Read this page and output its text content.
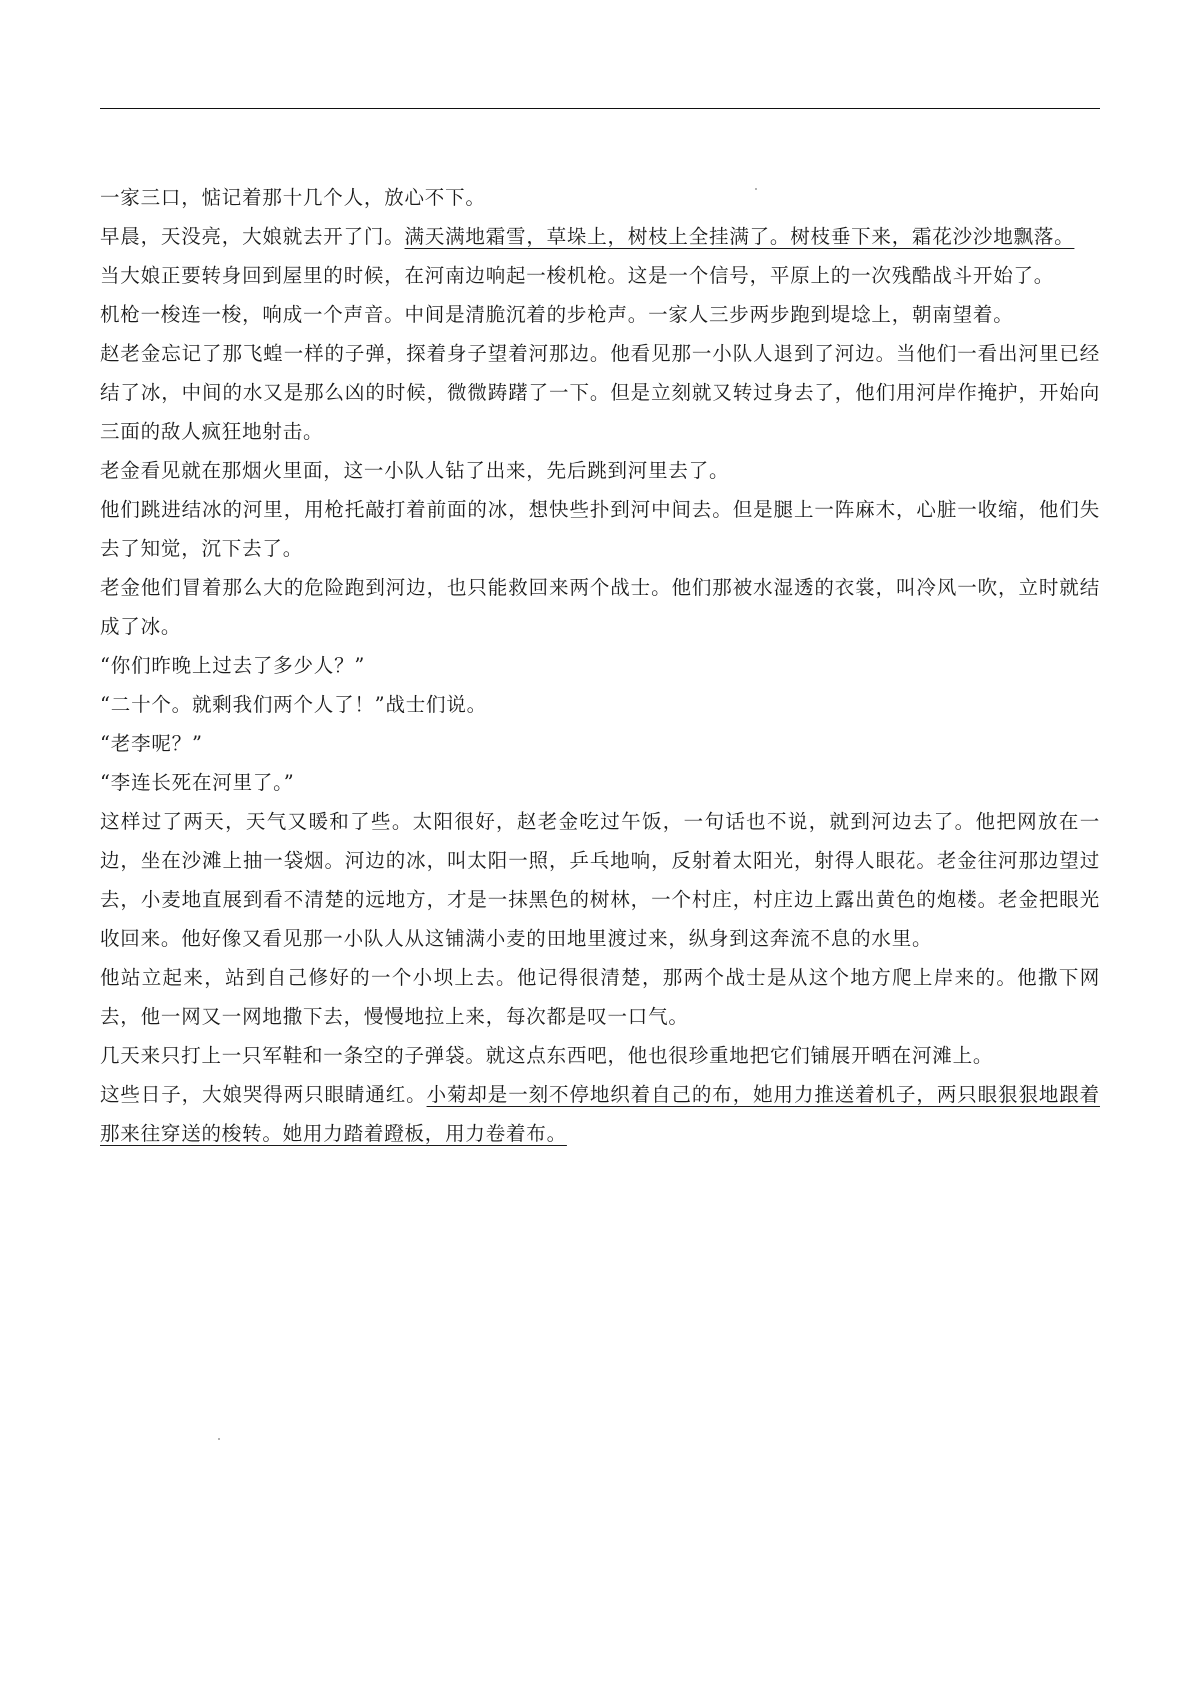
一家三口，惦记着那十几个人，放心不下。

早晨，天没亮，大娘就去开了门。满天满地霜雪，草垛上，树枝上全挂满了。树枝垂下来，霜花沙沙地飘落。

当大娘正要转身回到屋里的时候，在河南边响起一梭机枪。这是一个信号，平原上的一次残酷战斗开始了。

机枪一梭连一梭，响成一个声音。中间是清脆沉着的步枪声。一家人三步两步跑到堤埝上，朝南望着。

赵老金忘记了那飞蝗一样的子弹，探着身子望着河那边。他看见那一小队人退到了河边。当他们一看出河里已经结了冰，中间的水又是那么凶的时候，微微踌躇了一下。但是立刻就又转过身去了，他们用河岸作掩护，开始向三面的敌人疯狂地射击。

老金看见就在那烟火里面，这一小队人钻了出来，先后跳到河里去了。

他们跳进结冰的河里，用枪托敲打着前面的冰，想快些扑到河中间去。但是腿上一阵麻木，心脏一收缩，他们失去了知觉，沉下去了。

老金他们冒着那么大的危险跑到河边，也只能救回来两个战士。他们那被水湿透的衣裳，叫冷风一吹，立时就结成了冰。

“你们昨晚上过去了多少人？”

“二十个。就剩我们两个人了！”战士们说。

“老李呢？”

“李连长死在河里了。”

这样过了两天，天气又暖和了些。太阳很好，赵老金吃过午饭，一句话也不说，就到河边去了。他把网放在一边，坐在沙滩上抽一袋烟。河边的冰，叫太阳一照，乒乓地响，反射着太阳光，射得人眼花。老金往河那边望过去，小麦地直展到看不清楚的远地方，才是一抹黑色的树林，一个村庄，村庄边上露出黄色的炮楼。老金把眼光收回来。他好像又看见那一小队人从这铺满小麦的田地里渡过来，纵身到这奔流不息的水里。

他站立起来，站到自己修好的一个小坝上去。他记得很清楚，那两个战士是从这个地方爬上岸来的。他撒下网去，他一网又一网地撒下去，慢慢地拉上来，每次都是叹一口气。

几天来只打上一只军鞋和一条空的子弹袋。就这点东西吧，他也很珍重地把它们铺展开晒在河滩上。

这些日子，大娘哭得两只眼睛通红。小菊却是一刻不停地织着自己的布，她用力推送着机子，两只眼狠狠地跟着那来往穿送的梭转。她用力踏着蹬板，用力卷着布。
